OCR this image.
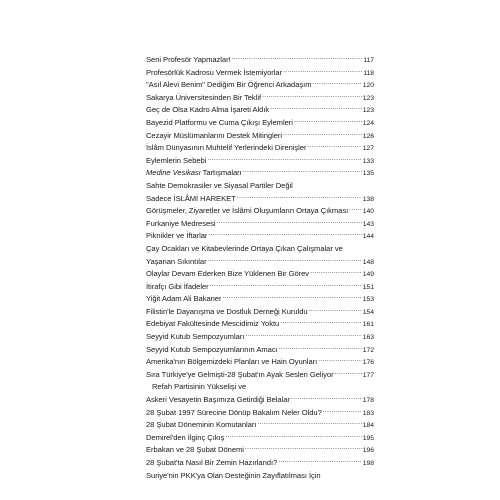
Seni Profesör Yapmazlar! .....	117
Profesörlük Kadrosu Vermek İstemiyorlar .....	118
"Asıl Alevi Benim" Dediğim Bir Öğrenci Arkadaşım .....	120
Sakarya Üniversitesinden Bir Teklif .....	123
Geç de Olsa Kadro Alma İşareti Aldık .....	123
Bayezid Platformu ve Cuma Çıkışı Eylemleri .....	124
Cezayir Müslümanlarını Destek Mitingleri .....	126
İslâm Dünyasının Muhtelif Yerlerindeki Direnişler .....	127
Eylemlerin Sebebi .....	133
Medine Vesikası Tartışmaları .....	135
Sahte Demokrasiler ve Siyasal Partiler Değil
Sadece İSLÂMİ HAREKET .....	138
Görüşmeler, Ziyaretler ve İslâmi Oluşumların Ortaya Çıkması ..... 140
Furkaniye Medresesi .....	143
Piknikler ve İftarlar .....	144
Çay Ocakları ve Kitabevlerinde Ortaya Çıkan Çalışmalar ve
Yaşanan Sıkıntılar .....	148
Olaylar Devam Ederken Bize Yüklenen Bir Görev .....	149
İtirafçı Gibi İfadeler .....	151
Yiğit Adam Ali Bakaner .....	153
Filistin'le Dayanışma ve Dostluk Derneği Kuruldu .....	154
Edebiyat Fakültesinde Mescidimiz Yoktu .....	161
Seyyid Kutub Sempozyumları .....	163
Seyyid Kutub Sempozyumlarının Amacı .....	172
Amerika'nın Bölgemizdeki Planları ve Hain Oyunları .....	176
Sıra Türkiye'ye Gelmişti-28 Şubat'ın Ayak Sesleri Geliyor .....	177
Refah Partisinin Yükselişi ve
Askeri Vesayetin Başımıza Getirdiği Belalar .....	178
28 Şubat 1997 Sürecine Dönüp Bakalım Neler Oldu? .....	183
28 Şubat Döneminin Komutanları .....	184
Demirel'den İlginç Çıkış .....	195
Erbakan ve 28 Şubat Dönemi .....	196
28 Şubat'ta Nasıl Bir Zemin Hazırlandı? .....	198
Suriye'nin PKK'ya Olan Desteğinin Zayıflatılması İçin
